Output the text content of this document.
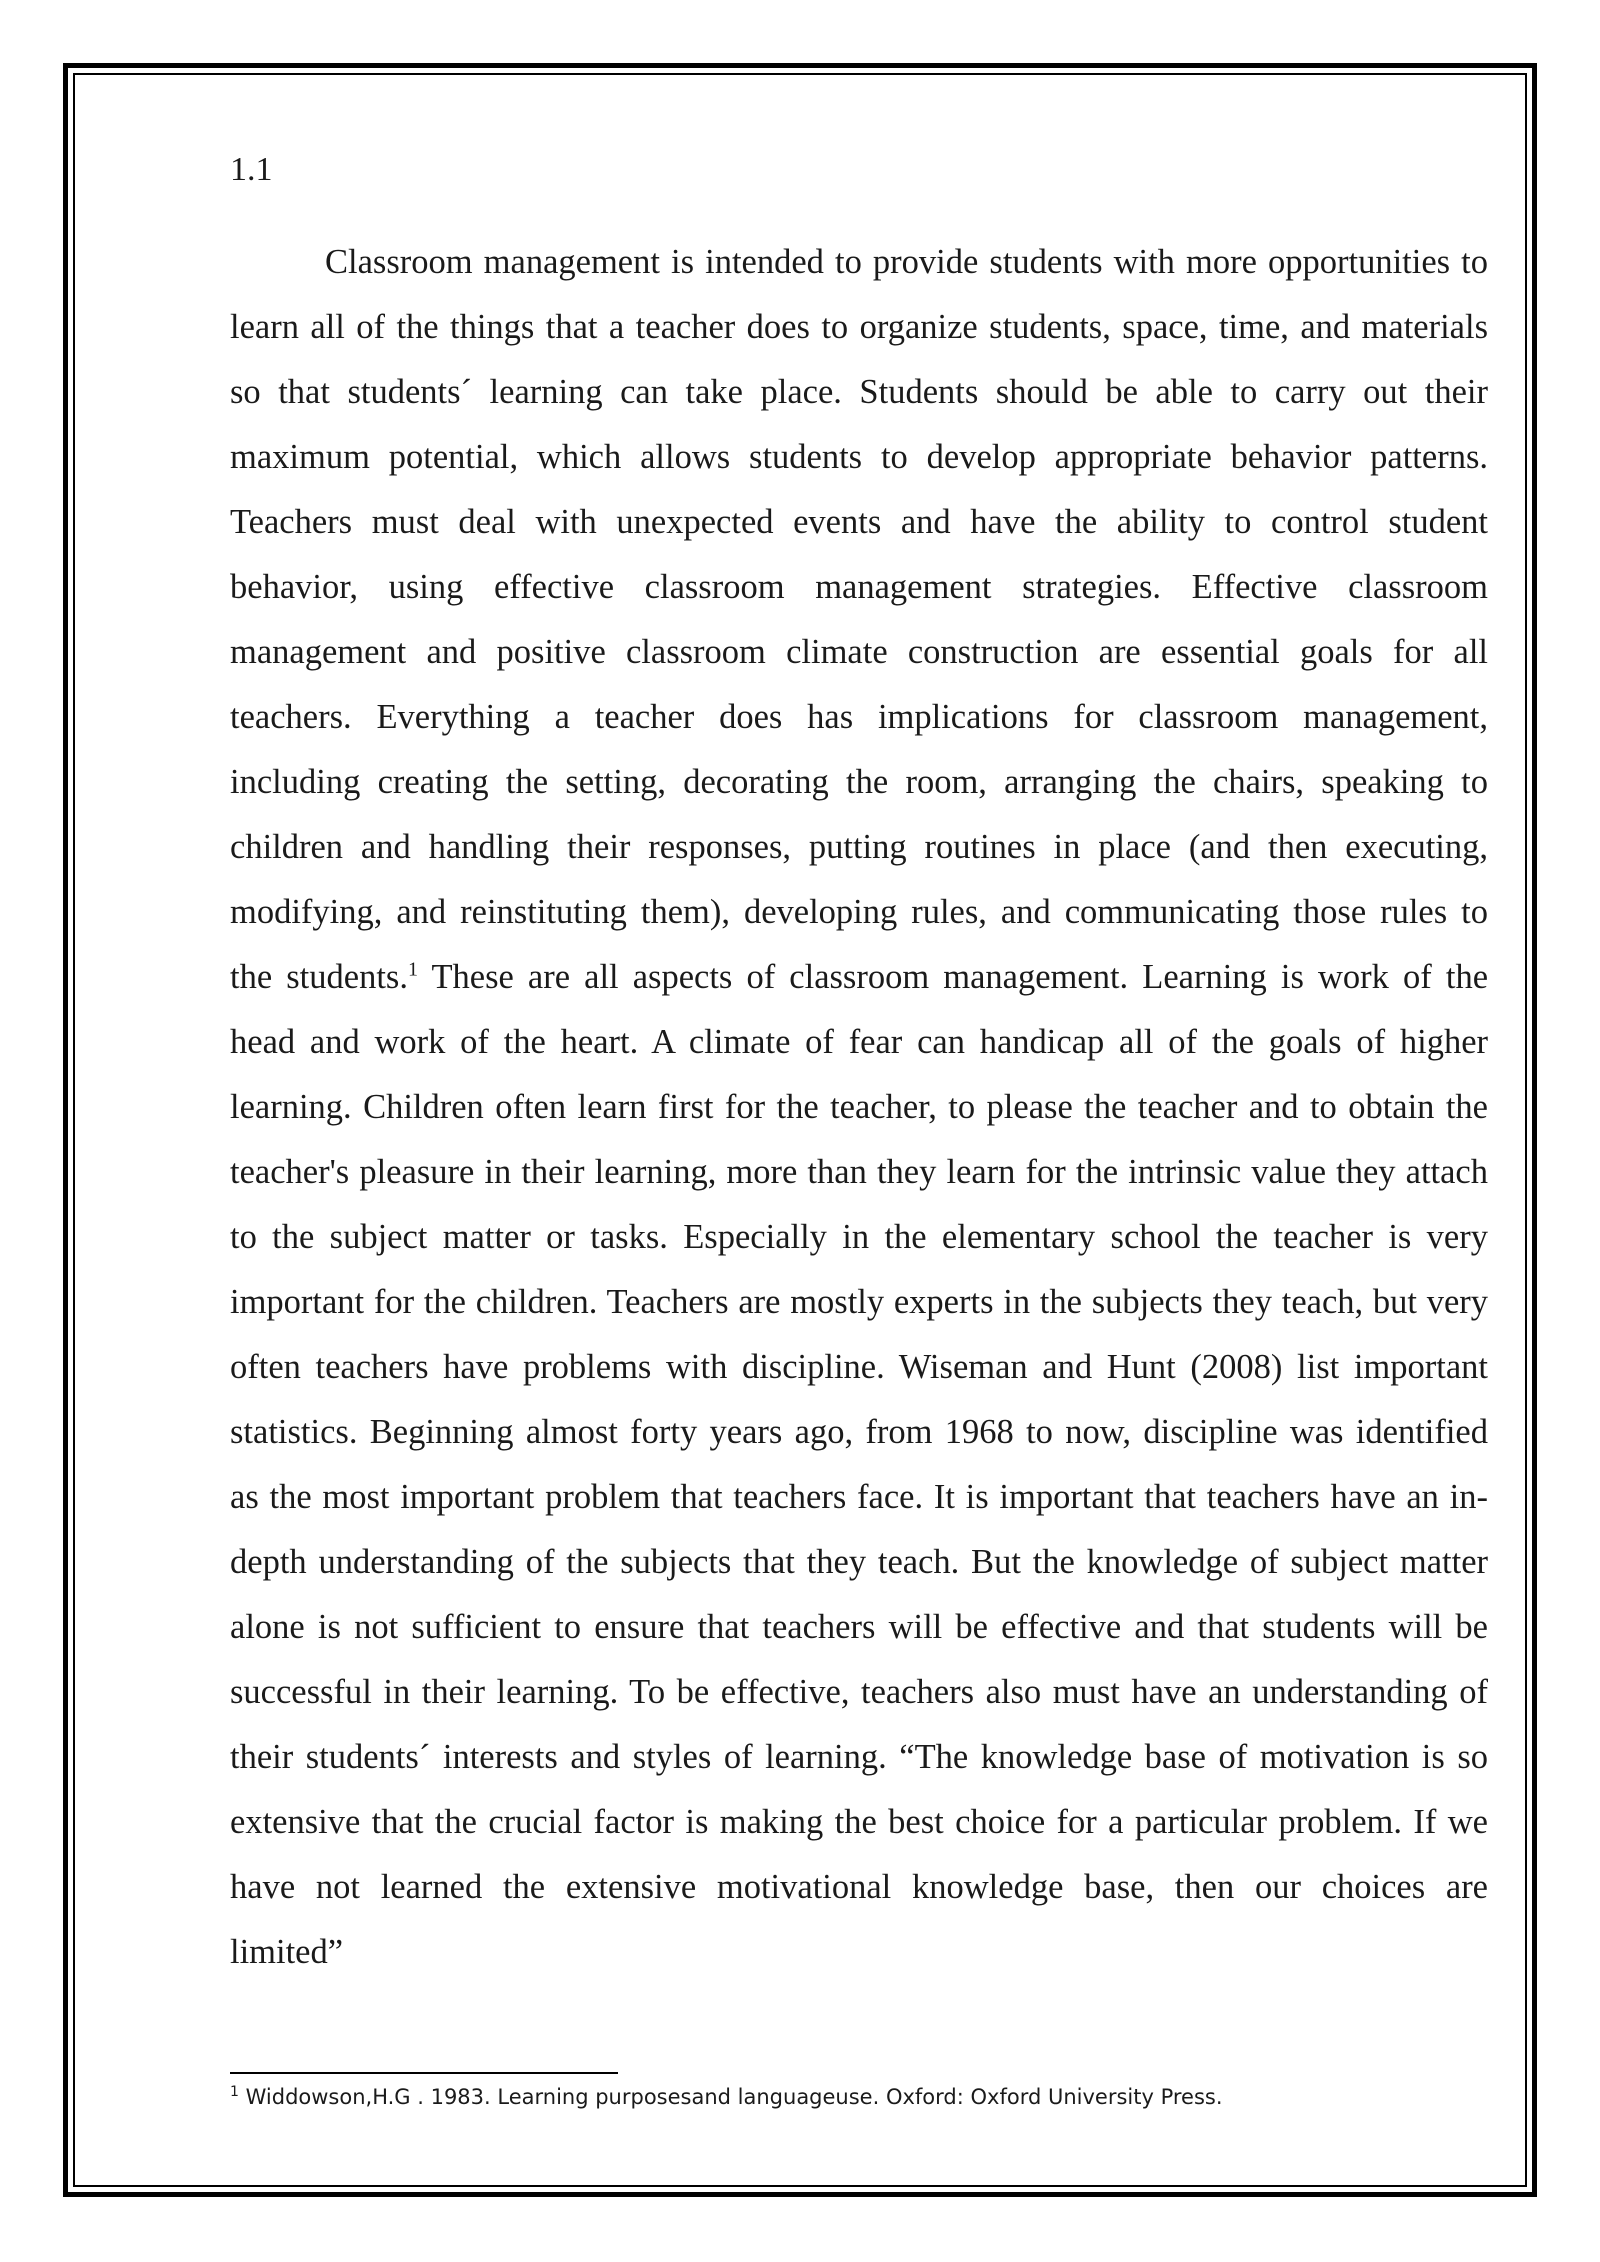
1.1

Classroom management is intended to provide students with more opportunities to learn all of the things that a teacher does to organize students, space, time, and materials so that students´ learning can take place. Students should be able to carry out their maximum potential, which allows students to develop appropriate behavior patterns. Teachers must deal with unexpected events and have the ability to control student behavior, using effective classroom management strategies. Effective classroom management and positive classroom climate construction are essential goals for all teachers. Everything a teacher does has implications for classroom management, including creating the setting, decorating the room, arranging the chairs, speaking to children and handling their responses, putting routines in place (and then executing, modifying, and reinstituting them), developing rules, and communicating those rules to the students.$^1$ These are all aspects of classroom management. Learning is work of the head and work of the heart. A climate of fear can handicap all of the goals of higher learning. Children often learn first for the teacher, to please the teacher and to obtain the teacher's pleasure in their learning, more than they learn for the intrinsic value they attach to the subject matter or tasks. Especially in the elementary school the teacher is very important for the children. Teachers are mostly experts in the subjects they teach, but very often teachers have problems with discipline. Wiseman and Hunt (2008) list important statistics. Beginning almost forty years ago, from 1968 to now, discipline was identified as the most important problem that teachers face. It is important that teachers have an in-depth understanding of the subjects that they teach. But the knowledge of subject matter alone is not sufficient to ensure that teachers will be effective and that students will be successful in their learning. To be effective, teachers also must have an understanding of their students´ interests and styles of learning. “The knowledge base of motivation is so extensive that the crucial factor is making the best choice for a particular problem. If we have not learned the extensive motivational knowledge base, then our choices are limited”

$^1$ Widdowson,H.G . 1983. Learning purposesand languageuse. Oxford: Oxford University Press.
